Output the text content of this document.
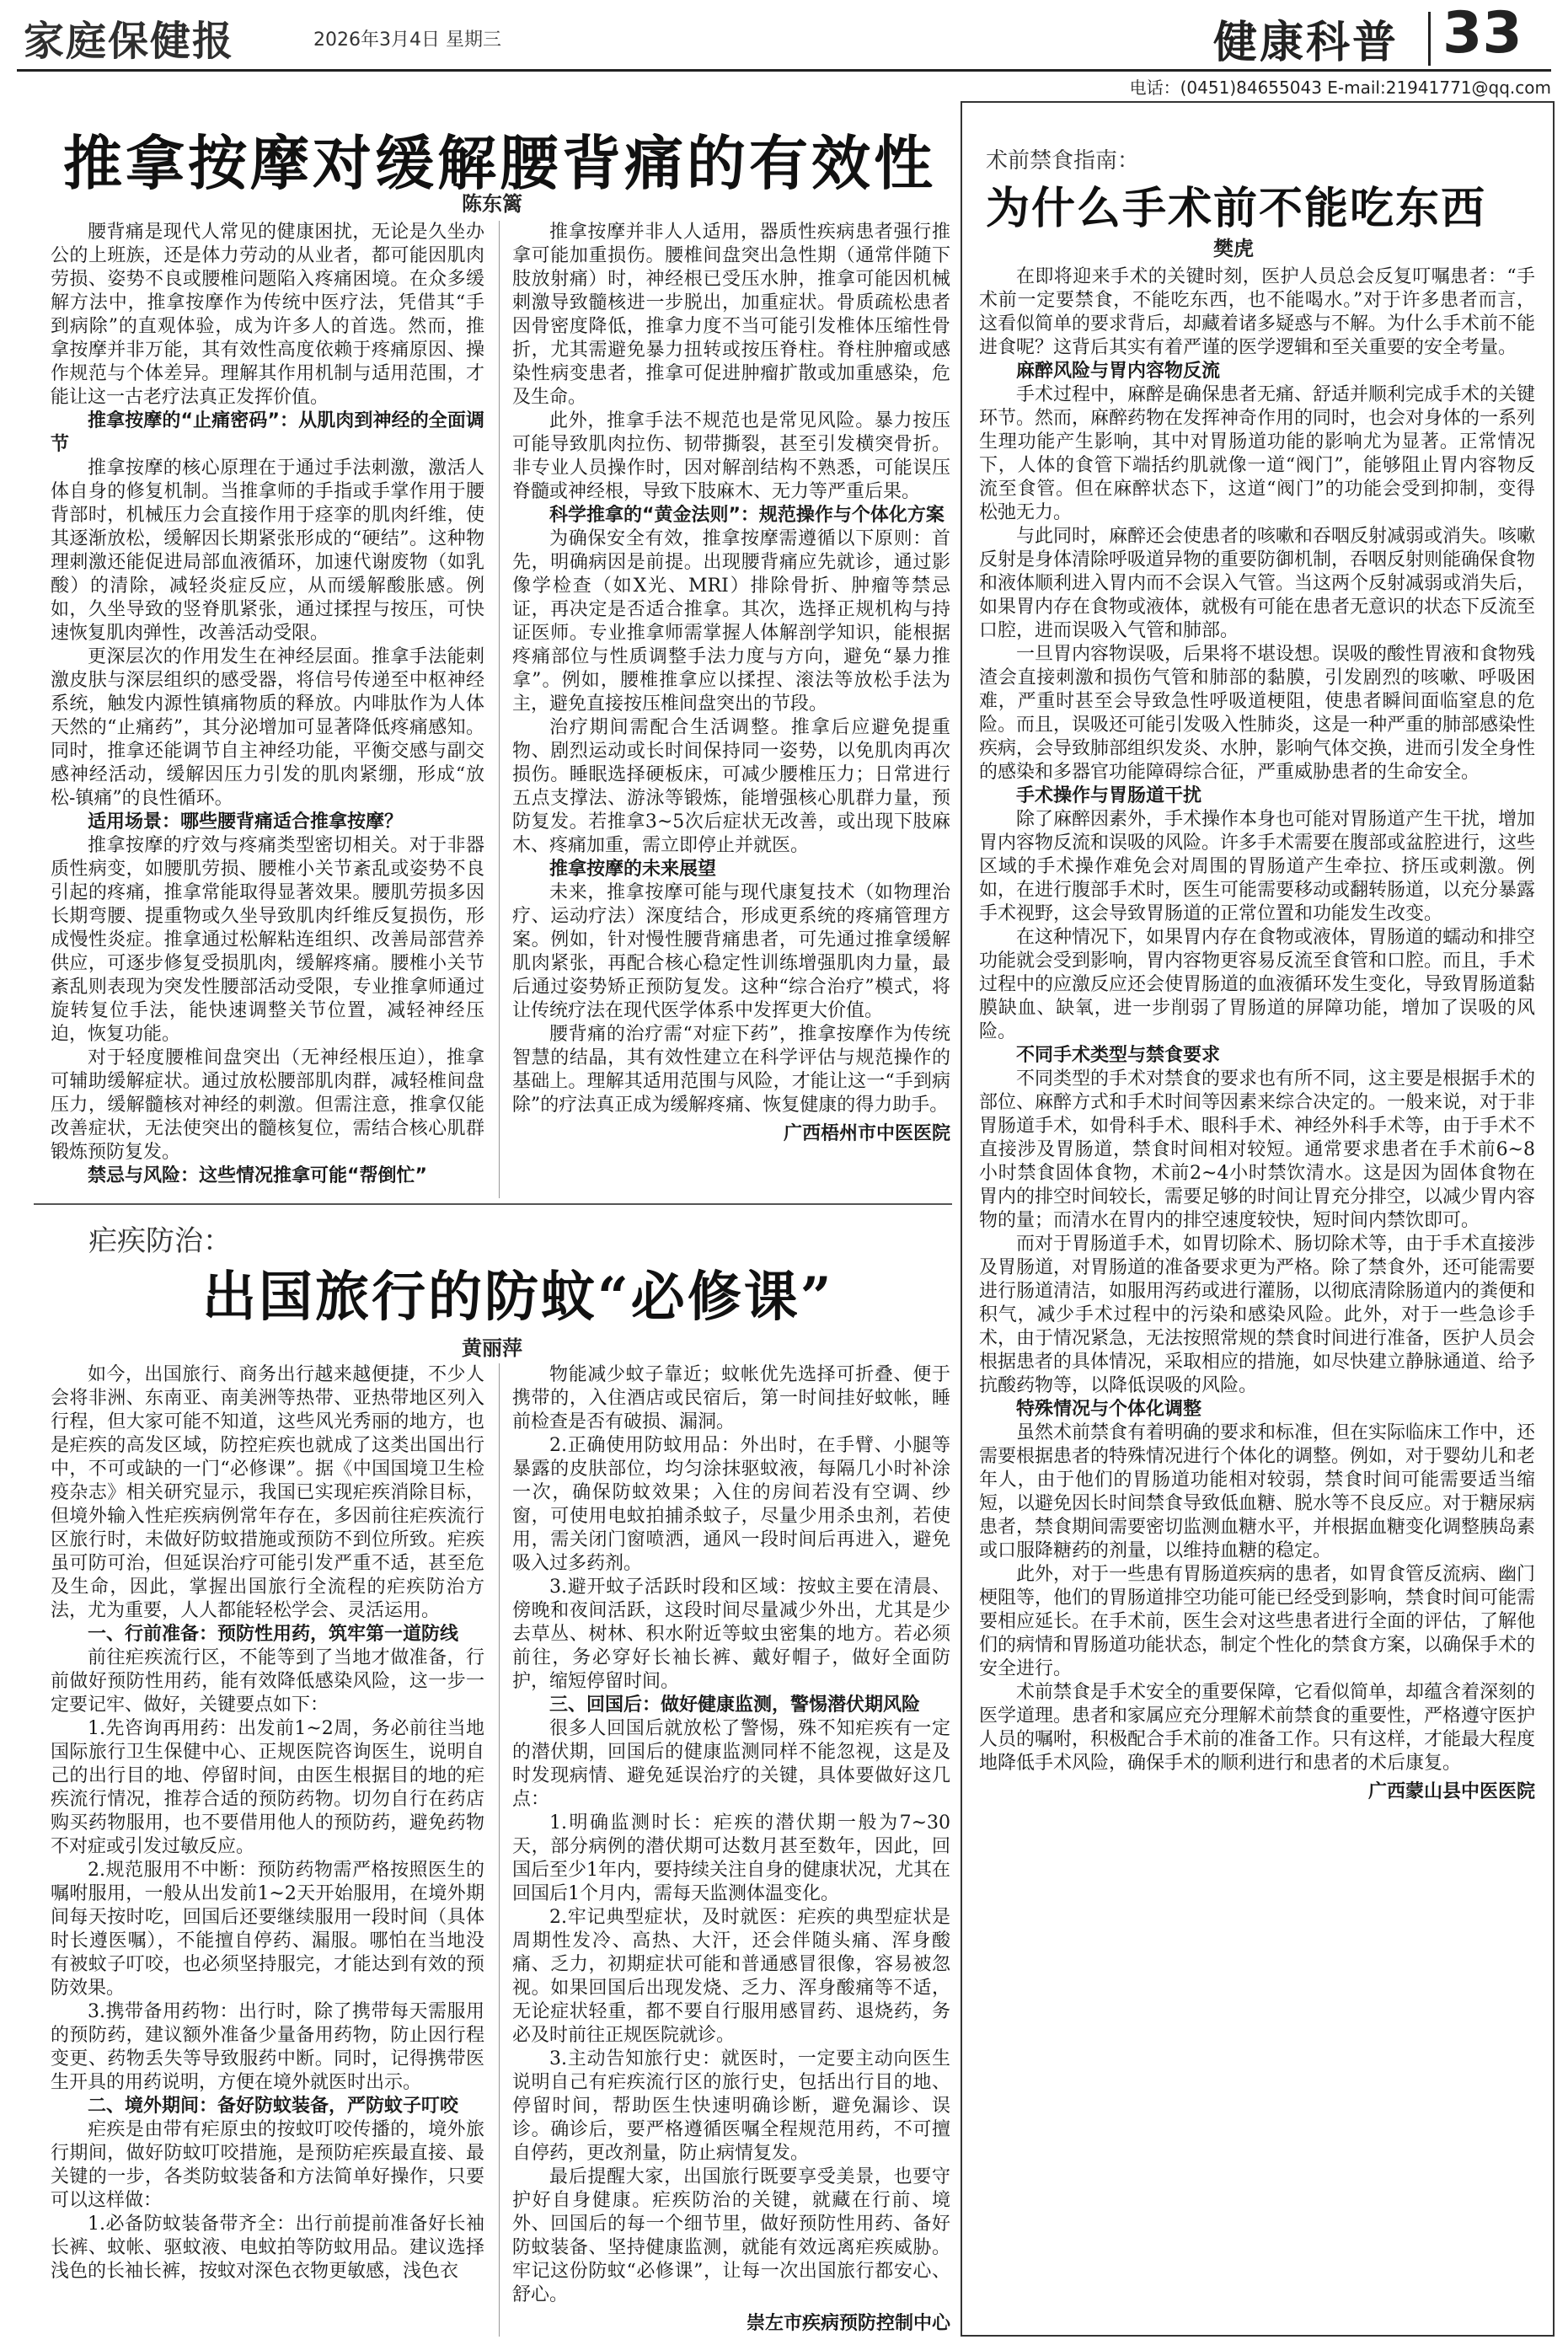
家庭保健报	2026年3月4日 星期三	健康科普 33
电话：(0451)84655043 E-mail:21941771@qq.com
推拿按摩对缓解腰背痛的有效性
陈东篱

腰背痛是现代人常见的健康困扰，无论是久坐办公的上班族，还是体力劳动的从业者，都可能因肌肉劳损、姿势不良或腰椎问题陷入疼痛困境。在众多缓解方法中，推拿按摩作为传统中医疗法，凭借其“手到病除”的直观体验，成为许多人的首选。然而，推拿按摩并非万能，其有效性高度依赖于疼痛原因、操作规范与个体差异。理解其作用机制与适用范围，才能让这一古老疗法真正发挥价值。

推拿按摩的“止痛密码”：从肌肉到神经的全面调节

推拿按摩的核心原理在于通过手法刺激，激活人体自身的修复机制。当推拿师的手指或手掌作用于腰背部时，机械压力会直接作用于痉挛的肌肉纤维，使其逐渐放松，缓解因长期紧张形成的“硬结”。这种物理刺激还能促进局部血液循环，加速代谢废物（如乳酸）的清除，减轻炎症反应，从而缓解酸胀感。例如，久坐导致的竖脊肌紧张，通过揉捏与按压，可快速恢复肌肉弹性，改善活动受限。

更深层次的作用发生在神经层面。推拿手法能刺激皮肤与深层组织的感受器，将信号传递至中枢神经系统，触发内源性镇痛物质的释放。内啡肽作为人体天然的“止痛药”，其分泌增加可显著降低疼痛感知。同时，推拿还能调节自主神经功能，平衡交感与副交感神经活动，缓解因压力引发的肌肉紧绷，形成“放松-镇痛”的良性循环。

适用场景：哪些腰背痛适合推拿按摩？

推拿按摩的疗效与疼痛类型密切相关。对于非器质性病变，如腰肌劳损、腰椎小关节紊乱或姿势不良引起的疼痛，推拿常能取得显著效果。腰肌劳损多因长期弯腰、提重物或久坐导致肌肉纤维反复损伤，形成慢性炎症。推拿通过松解粘连组织、改善局部营养供应，可逐步修复受损肌肉，缓解疼痛。腰椎小关节紊乱则表现为突发性腰部活动受限，专业推拿师通过旋转复位手法，能快速调整关节位置，减轻神经压迫，恢复功能。

对于轻度腰椎间盘突出（无神经根压迫），推拿可辅助缓解症状。通过放松腰部肌肉群，减轻椎间盘压力，缓解髓核对神经的刺激。但需注意，推拿仅能改善症状，无法使突出的髓核复位，需结合核心肌群锻炼预防复发。

禁忌与风险：这些情况推拿可能“帮倒忙”

推拿按摩并非人人适用，器质性疾病患者强行推拿可能加重损伤。腰椎间盘突出急性期（通常伴随下肢放射痛）时，神经根已受压水肿，推拿可能因机械刺激导致髓核进一步脱出，加重症状。骨质疏松患者因骨密度降低，推拿力度不当可能引发椎体压缩性骨折，尤其需避免暴力扭转或按压脊柱。脊柱肿瘤或感染性病变患者，推拿可促进肿瘤扩散或加重感染，危及生命。

此外，推拿手法不规范也是常见风险。暴力按压可能导致肌肉拉伤、韧带撕裂，甚至引发横突骨折。非专业人员操作时，因对解剖结构不熟悉，可能误压脊髓或神经根，导致下肢麻木、无力等严重后果。

科学推拿的“黄金法则”：规范操作与个体化方案

为确保安全有效，推拿按摩需遵循以下原则：首先，明确病因是前提。出现腰背痛应先就诊，通过影像学检查（如X光、MRI）排除骨折、肿瘤等禁忌证，再决定是否适合推拿。其次，选择正规机构与持证医师。专业推拿师需掌握人体解剖学知识，能根据疼痛部位与性质调整手法力度与方向，避免“暴力推拿”。例如，腰椎推拿应以揉捏、滚法等放松手法为主，避免直接按压椎间盘突出的节段。

治疗期间需配合生活调整。推拿后应避免提重物、剧烈运动或长时间保持同一姿势，以免肌肉再次损伤。睡眠选择硬板床，可减少腰椎压力；日常进行五点支撑法、游泳等锻炼，能增强核心肌群力量，预防复发。若推拿3~5次后症状无改善，或出现下肢麻木、疼痛加重，需立即停止并就医。

推拿按摩的未来展望

未来，推拿按摩可能与现代康复技术（如物理治疗、运动疗法）深度结合，形成更系统的疼痛管理方案。例如，针对慢性腰背痛患者，可先通过推拿缓解肌肉紧张，再配合核心稳定性训练增强肌肉力量，最后通过姿势矫正预防复发。这种“综合治疗”模式，将让传统疗法在现代医学体系中发挥更大价值。

腰背痛的治疗需“对症下药”，推拿按摩作为传统智慧的结晶，其有效性建立在科学评估与规范操作的基础上。理解其适用范围与风险，才能让这一“手到病除”的疗法真正成为缓解疼痛、恢复健康的得力助手。

广西梧州市中医医院

疟疾防治：
出国旅行的防蚊“必修课”
黄丽萍

如今，出国旅行、商务出行越来越便捷，不少人会将非洲、东南亚、南美洲等热带、亚热带地区列入行程，但大家可能不知道，这些风光秀丽的地方，也是疟疾的高发区域，防控疟疾也就成了这类出国出行中，不可或缺的一门“必修课”。据《中国国境卫生检疫杂志》相关研究显示，我国已实现疟疾消除目标，但境外输入性疟疾病例常年存在，多因前往疟疾流行区旅行时，未做好防蚊措施或预防不到位所致。疟疾虽可防可治，但延误治疗可能引发严重不适，甚至危及生命，因此，掌握出国旅行全流程的疟疾防治方法，尤为重要，人人都能轻松学会、灵活运用。

一、行前准备：预防性用药，筑牢第一道防线

前往疟疾流行区，不能等到了当地才做准备，行前做好预防性用药，能有效降低感染风险，这一步一定要记牢、做好，关键要点如下：

1.先咨询再用药：出发前1~2周，务必前往当地国际旅行卫生保健中心、正规医院咨询医生，说明自己的出行目的地、停留时间，由医生根据目的地的疟疾流行情况，推荐合适的预防药物。切勿自行在药店购买药物服用，也不要借用他人的预防药，避免药物不对症或引发过敏反应。

2.规范服用不中断：预防药物需严格按照医生的嘱咐服用，一般从出发前1~2天开始服用，在境外期间每天按时吃，回国后还要继续服用一段时间（具体时长遵医嘱），不能擅自停药、漏服。哪怕在当地没有被蚊子叮咬，也必须坚持服完，才能达到有效的预防效果。

3.携带备用药物：出行时，除了携带每天需服用的预防药，建议额外准备少量备用药物，防止因行程变更、药物丢失等导致服药中断。同时，记得携带医生开具的用药说明，方便在境外就医时出示。

二、境外期间：备好防蚊装备，严防蚊子叮咬

疟疾是由带有疟原虫的按蚊叮咬传播的，境外旅行期间，做好防蚊叮咬措施，是预防疟疾最直接、最关键的一步，各类防蚊装备和方法简单好操作，只要可以这样做：

1.必备防蚊装备带齐全：出行前提前准备好长袖长裤、蚊帐、驱蚊液、电蚊拍等防蚊用品。建议选择浅色的长袖长裤，按蚊对深色衣物更敏感，浅色衣

物能减少蚊子靠近；蚊帐优先选择可折叠、便于携带的，入住酒店或民宿后，第一时间挂好蚊帐，睡前检查是否有破损、漏洞。

2.正确使用防蚊用品：外出时，在手臂、小腿等暴露的皮肤部位，均匀涂抹驱蚊液，每隔几小时补涂一次，确保防蚊效果；入住的房间若没有空调、纱窗，可使用电蚊拍捕杀蚊子，尽量少用杀虫剂，若使用，需关闭门窗喷洒，通风一段时间后再进入，避免吸入过多药剂。

3.避开蚊子活跃时段和区域：按蚊主要在清晨、傍晚和夜间活跃，这段时间尽量减少外出，尤其是少去草丛、树林、积水附近等蚊虫密集的地方。若必须前往，务必穿好长袖长裤、戴好帽子，做好全面防护，缩短停留时间。

三、回国后：做好健康监测，警惕潜伏期风险

很多人回国后就放松了警惕，殊不知疟疾有一定的潜伏期，回国后的健康监测同样不能忽视，这是及时发现病情、避免延误治疗的关键，具体要做好这几点：

1.明确监测时长：疟疾的潜伏期一般为7~30天，部分病例的潜伏期可达数月甚至数年，因此，回国后至少1年内，要持续关注自身的健康状况，尤其在回国后1个月内，需每天监测体温变化。

2.牢记典型症状，及时就医：疟疾的典型症状是周期性发冷、高热、大汗，还会伴随头痛、浑身酸痛、乏力，初期症状可能和普通感冒很像，容易被忽视。如果回国后出现发烧、乏力、浑身酸痛等不适，无论症状轻重，都不要自行服用感冒药、退烧药，务必及时前往正规医院就诊。

3.主动告知旅行史：就医时，一定要主动向医生说明自己有疟疾流行区的旅行史，包括出行目的地、停留时间，帮助医生快速明确诊断，避免漏诊、误诊。确诊后，要严格遵循医嘱全程规范用药，不可擅自停药，更改剂量，防止病情复发。

最后提醒大家，出国旅行既要享受美景，也要守护好自身健康。疟疾防治的关键，就藏在行前、境外、回国后的每一个细节里，做好预防性用药、备好防蚊装备、坚持健康监测，就能有效远离疟疾威胁。牢记这份防蚊“必修课”，让每一次出国旅行都安心、舒心。

崇左市疾病预防控制中心

术前禁食指南：
为什么手术前不能吃东西
樊虎

在即将迎来手术的关键时刻，医护人员总会反复叮嘱患者：“手术前一定要禁食，不能吃东西，也不能喝水。”对于许多患者而言，这看似简单的要求背后，却藏着诸多疑惑与不解。为什么手术前不能进食呢？这背后其实有着严谨的医学逻辑和至关重要的安全考量。

麻醉风险与胃内容物反流

手术过程中，麻醉是确保患者无痛、舒适并顺利完成手术的关键环节。然而，麻醉药物在发挥神奇作用的同时，也会对身体的一系列生理功能产生影响，其中对胃肠道功能的影响尤为显著。正常情况下，人体的食管下端括约肌就像一道“阀门”，能够阻止胃内容物反流至食管。但在麻醉状态下，这道“阀门”的功能会受到抑制，变得松弛无力。

与此同时，麻醉还会使患者的咳嗽和吞咽反射减弱或消失。咳嗽反射是身体清除呼吸道异物的重要防御机制，吞咽反射则能确保食物和液体顺利进入胃内而不会误入气管。当这两个反射减弱或消失后，如果胃内存在食物或液体，就极有可能在患者无意识的状态下反流至口腔，进而误吸入气管和肺部。

一旦胃内容物误吸，后果将不堪设想。误吸的酸性胃液和食物残渣会直接刺激和损伤气管和肺部的黏膜，引发剧烈的咳嗽、呼吸困难，严重时甚至会导致急性呼吸道梗阻，使患者瞬间面临窒息的危险。而且，误吸还可能引发吸入性肺炎，这是一种严重的肺部感染性疾病，会导致肺部组织发炎、水肿，影响气体交换，进而引发全身性的感染和多器官功能障碍综合征，严重威胁患者的生命安全。

手术操作与胃肠道干扰

除了麻醉因素外，手术操作本身也可能对胃肠道产生干扰，增加胃内容物反流和误吸的风险。许多手术需要在腹部或盆腔进行，这些区域的手术操作难免会对周围的胃肠道产生牵拉、挤压或刺激。例如，在进行腹部手术时，医生可能需要移动或翻转肠道，以充分暴露手术视野，这会导致胃肠道的正常位置和功能发生改变。

在这种情况下，如果胃内存在食物或液体，胃肠道的蠕动和排空功能就会受到影响，胃内容物更容易反流至食管和口腔。而且，手术过程中的应激反应还会使胃肠道的血液循环发生变化，导致胃肠道黏膜缺血、缺氧，进一步削弱了胃肠道的屏障功能，增加了误吸的风险。

不同手术类型与禁食要求

不同类型的手术对禁食的要求也有所不同，这主要是根据手术的部位、麻醉方式和手术时间等因素来综合决定的。一般来说，对于非胃肠道手术，如骨科手术、眼科手术、神经外科手术等，由于手术不直接涉及胃肠道，禁食时间相对较短。通常要求患者在手术前6~8小时禁食固体食物，术前2~4小时禁饮清水。这是因为固体食物在胃内的排空时间较长，需要足够的时间让胃充分排空，以减少胃内容物的量；而清水在胃内的排空速度较快，短时间内禁饮即可。

而对于胃肠道手术，如胃切除术、肠切除术等，由于手术直接涉及胃肠道，对胃肠道的准备要求更为严格。除了禁食外，还可能需要进行肠道清洁，如服用泻药或进行灌肠，以彻底清除肠道内的粪便和积气，减少手术过程中的污染和感染风险。此外，对于一些急诊手术，由于情况紧急，无法按照常规的禁食时间进行准备，医护人员会根据患者的具体情况，采取相应的措施，如尽快建立静脉通道、给予抗酸药物等，以降低误吸的风险。

特殊情况与个体化调整

虽然术前禁食有着明确的要求和标准，但在实际临床工作中，还需要根据患者的特殊情况进行个体化的调整。例如，对于婴幼儿和老年人，由于他们的胃肠道功能相对较弱，禁食时间可能需要适当缩短，以避免因长时间禁食导致低血糖、脱水等不良反应。对于糖尿病患者，禁食期间需要密切监测血糖水平，并根据血糖变化调整胰岛素或口服降糖药的剂量，以维持血糖的稳定。

此外，对于一些患有胃肠道疾病的患者，如胃食管反流病、幽门梗阻等，他们的胃肠道排空功能可能已经受到影响，禁食时间可能需要相应延长。在手术前，医生会对这些患者进行全面的评估，了解他们的病情和胃肠道功能状态，制定个性化的禁食方案，以确保手术的安全进行。

术前禁食是手术安全的重要保障，它看似简单，却蕴含着深刻的医学道理。患者和家属应充分理解术前禁食的重要性，严格遵守医护人员的嘱咐，积极配合手术前的准备工作。只有这样，才能最大程度地降低手术风险，确保手术的顺利进行和患者的术后康复。

广西蒙山县中医医院
